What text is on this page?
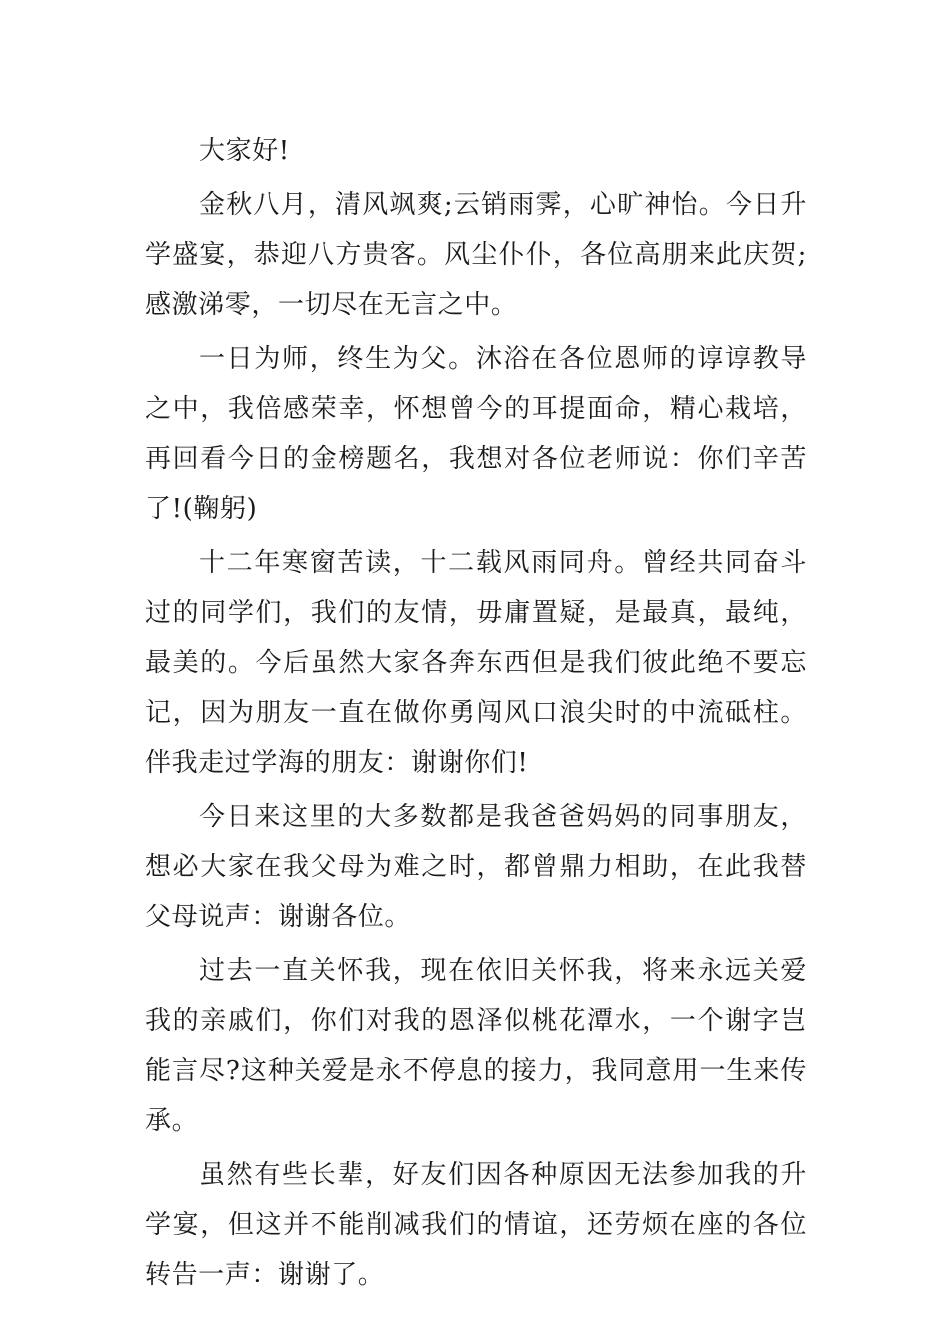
大家好!

金秋八月，清风飒爽;云销雨霁，心旷神怡。今日升学盛宴，恭迎八方贵客。风尘仆仆，各位高朋来此庆贺;感激涕零，一切尽在无言之中。

一日为师，终生为父。沐浴在各位恩师的谆谆教导之中，我倍感荣幸，怀想曾今的耳提面命，精心栽培，再回看今日的金榜题名，我想对各位老师说：你们辛苦了!(鞠躬)

十二年寒窗苦读，十二载风雨同舟。曾经共同奋斗过的同学们，我们的友情，毋庸置疑，是最真，最纯，最美的。今后虽然大家各奔东西但是我们彼此绝不要忘记，因为朋友一直在做你勇闯风口浪尖时的中流砥柱。伴我走过学海的朋友：谢谢你们!

今日来这里的大多数都是我爸爸妈妈的同事朋友，想必大家在我父母为难之时，都曾鼎力相助，在此我替父母说声：谢谢各位。

过去一直关怀我，现在依旧关怀我，将来永远关爱我的亲戚们，你们对我的恩泽似桃花潭水，一个谢字岂能言尽?这种关爱是永不停息的接力，我同意用一生来传承。

虽然有些长辈，好友们因各种原因无法参加我的升学宴，但这并不能削减我们的情谊，还劳烦在座的各位转告一声：谢谢了。
